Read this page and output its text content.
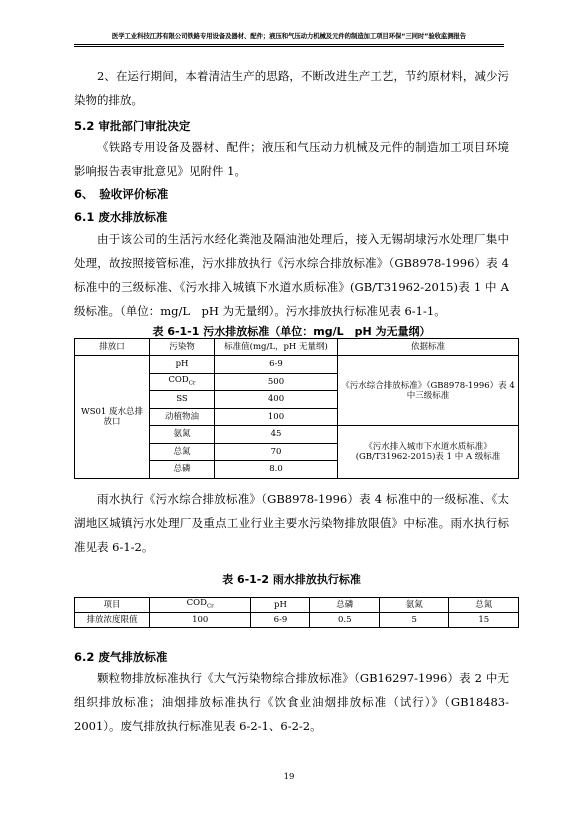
医学工业科技江苏有限公司铁路专用设备及器材、配件；液压和气压动力机械及元件的制造加工项目环保“三同时”验收监测报告
2、在运行期间，本着清洁生产的思路，不断改进生产工艺，节约原材料，减少污染物的排放。
5.2 审批部门审批决定
《铁路专用设备及器材、配件；液压和气压动力机械及元件的制造加工项目环境影响报告表审批意见》见附件 1。
6、　验收评价标准
6.1 废水排放标准
由于该公司的生活污水经化粪池及隔油池处理后，接入无锡胡埭污水处理厂集中处理，故按照接管标准，污水排放执行《污水综合排放标准》（GB8978-1996）表 4 标准中的三级标准、《污水排入城镇下水道水质标准》(GB/T31962-2015)表 1 中 A 级标准。（单位：mg/L　pH 为无量纲）。污水排放执行标准见表 6-1-1。
表 6-1-1 污水排放标准（单位：mg/L　pH 为无量纲）
排放口	污染物	标准值(mg/L，pH 无量纲)	依据标准
WS01 废水总排放口	pH	6-9	《污水综合排放标准》（GB8978-1996）表 4 中三级标准
	$COD_{Cr}$	500	
	SS	400	
	动植物油	100	
	氨氮	45	《污水排入城市下水道水质标准》(GB/T31962-2015)表 1 中 A 级标准
	总氮	70	
	总磷	8.0	
雨水执行《污水综合排放标准》（GB8978-1996）表 4 标准中的一级标准、《太湖地区城镇污水处理厂及重点工业行业主要水污染物排放限值》中标准。雨水执行标准见表 6-1-2。
表 6-1-2 雨水排放执行标准
项目	$COD_{Cr}$	pH	总磷	氨氮	总氮
排放浓度限值	100	6-9	0.5	5	15
6.2 废气排放标准
颗粒物排放标准执行《大气污染物综合排放标准》（GB16297-1996）表 2 中无组织排放标准；油烟排放标准执行《饮食业油烟排放标准（试行）》（GB18483-2001）。废气排放执行标准见表 6-2-1、6-2-2。
19
